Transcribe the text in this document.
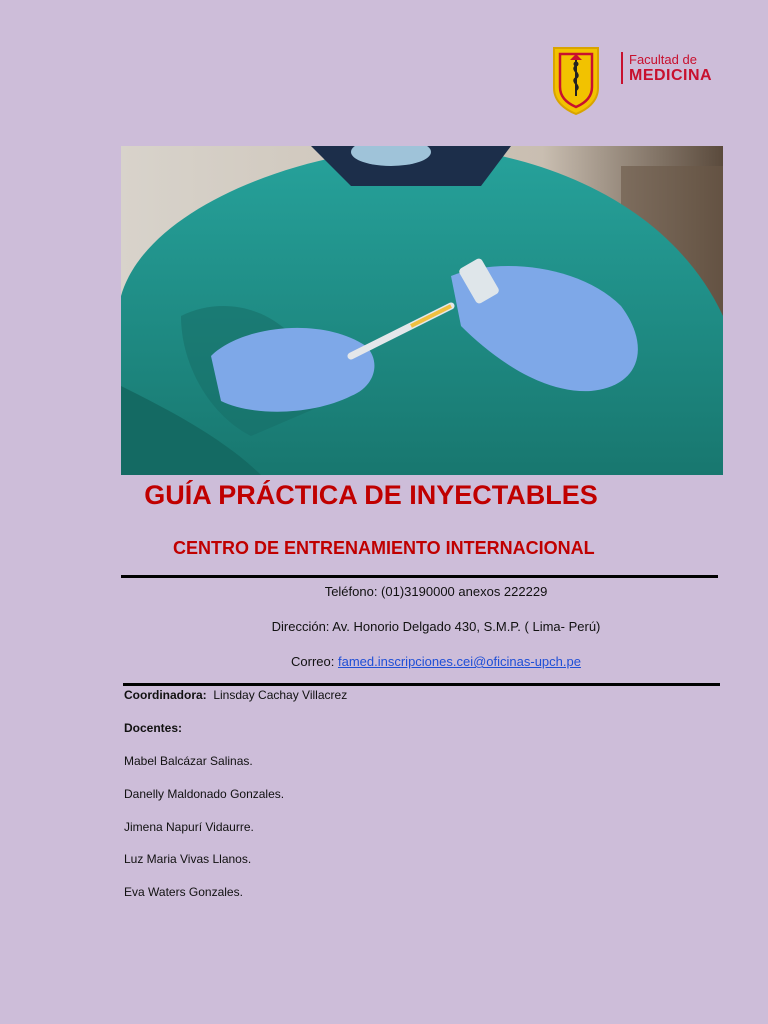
Facultad de
MEDICINA
GUÍA PRÁCTICA DE INYECTABLES
CENTRO DE ENTRENAMIENTO INTERNACIONAL
Teléfono: (01)3190000 anexos 222229
Dirección: Av. Honorio Delgado 430, S.M.P. ( Lima- Perú)
Correo: famed.inscripciones.cei@oficinas-upch.pe
Coordinadora: Linsday Cachay Villacrez
Docentes:
Mabel Balcázar Salinas.
Danelly Maldonado Gonzales.
Jimena Napurí Vidaurre.
Luz Maria Vivas Llanos.
Eva Waters Gonzales.
